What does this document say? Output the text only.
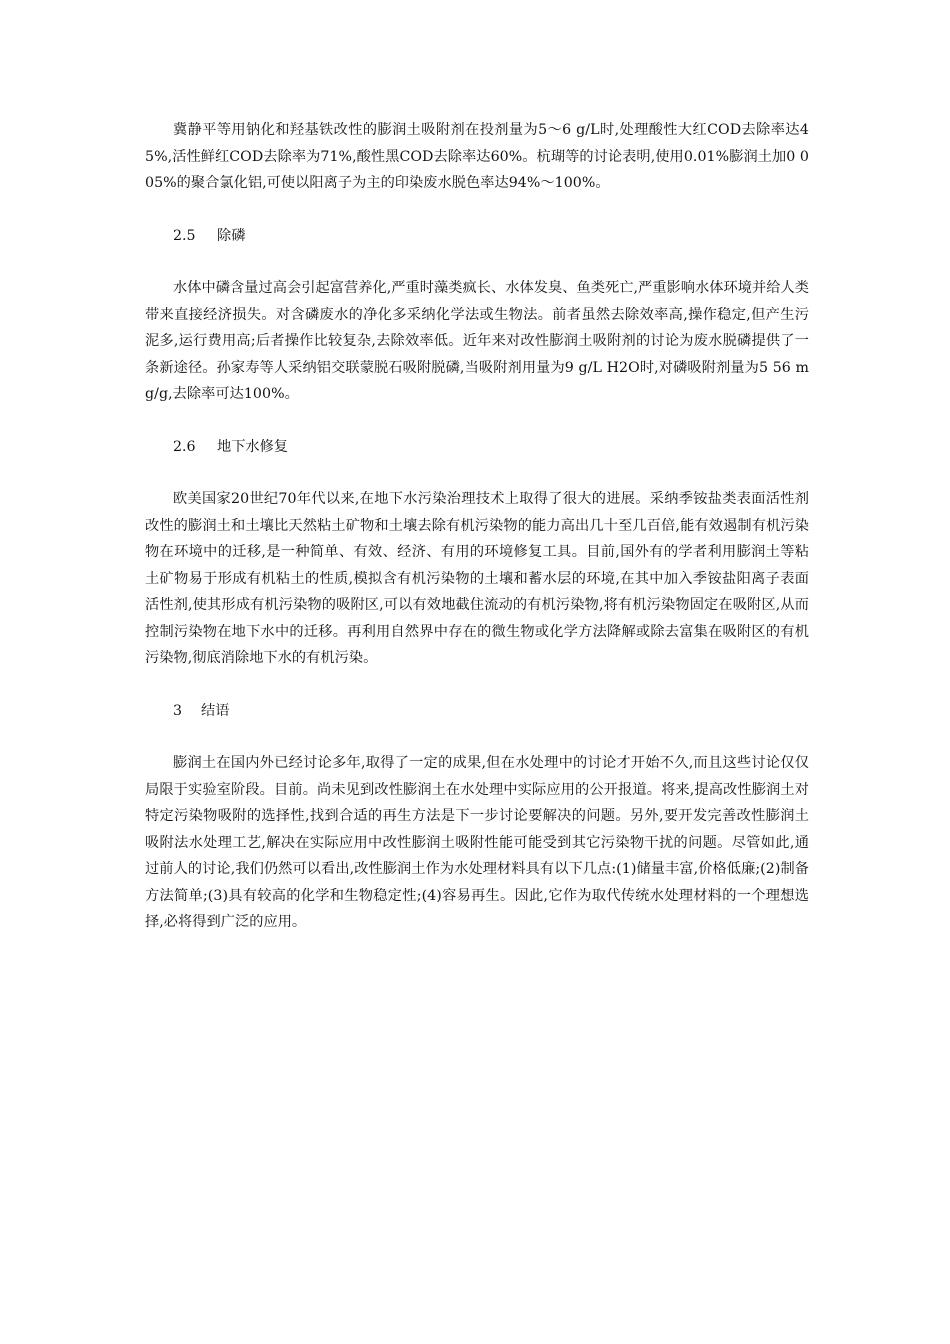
冀静平等用钠化和羟基铁改性的膨润土吸附剂在投剂量为5～6 g/L时,处理酸性大红COD去除率达45%,活性鲜红COD去除率为71%,酸性黑COD去除率达60%。杭瑚等的讨论表明,使用0.01%膨润土加0 005%的聚合氯化铝,可使以阳离子为主的印染废水脱色率达94%～100%。

2.5 除磷

水体中磷含量过高会引起富营养化,严重时藻类疯长、水体发臭、鱼类死亡,严重影响水体环境并给人类带来直接经济损失。对含磷废水的净化多采纳化学法或生物法。前者虽然去除效率高,操作稳定,但产生污泥多,运行费用高;后者操作比较复杂,去除效率低。近年来对改性膨润土吸附剂的讨论为废水脱磷提供了一条新途径。孙家寿等人采纳铝交联蒙脱石吸附脱磷,当吸附剂用量为9 g/L H2O时,对磷吸附剂量为5 56 mg/g,去除率可达100%。

2.6 地下水修复

欧美国家20世纪70年代以来,在地下水污染治理技术上取得了很大的进展。采纳季铵盐类表面活性剂改性的膨润土和土壤比天然粘土矿物和土壤去除有机污染物的能力高出几十至几百倍,能有效遏制有机污染物在环境中的迁移,是一种简单、有效、经济、有用的环境修复工具。目前,国外有的学者利用膨润土等粘土矿物易于形成有机粘土的性质,模拟含有机污染物的土壤和蓄水层的环境,在其中加入季铵盐阳离子表面活性剂,使其形成有机污染物的吸附区,可以有效地截住流动的有机污染物,将有机污染物固定在吸附区,从而控制污染物在地下水中的迁移。再利用自然界中存在的微生物或化学方法降解或除去富集在吸附区的有机污染物,彻底消除地下水的有机污染。

3 结语

膨润土在国内外已经讨论多年,取得了一定的成果,但在水处理中的讨论才开始不久,而且这些讨论仅仅局限于实验室阶段。目前。尚未见到改性膨润土在水处理中实际应用的公开报道。将来,提高改性膨润土对特定污染物吸附的选择性,找到合适的再生方法是下一步讨论要解决的问题。另外,要开发完善改性膨润土吸附法水处理工艺,解决在实际应用中改性膨润土吸附性能可能受到其它污染物干扰的问题。尽管如此,通过前人的讨论,我们仍然可以看出,改性膨润土作为水处理材料具有以下几点:(1)储量丰富,价格低廉;(2)制备方法简单;(3)具有较高的化学和生物稳定性;(4)容易再生。因此,它作为取代传统水处理材料的一个理想选择,必将得到广泛的应用。
